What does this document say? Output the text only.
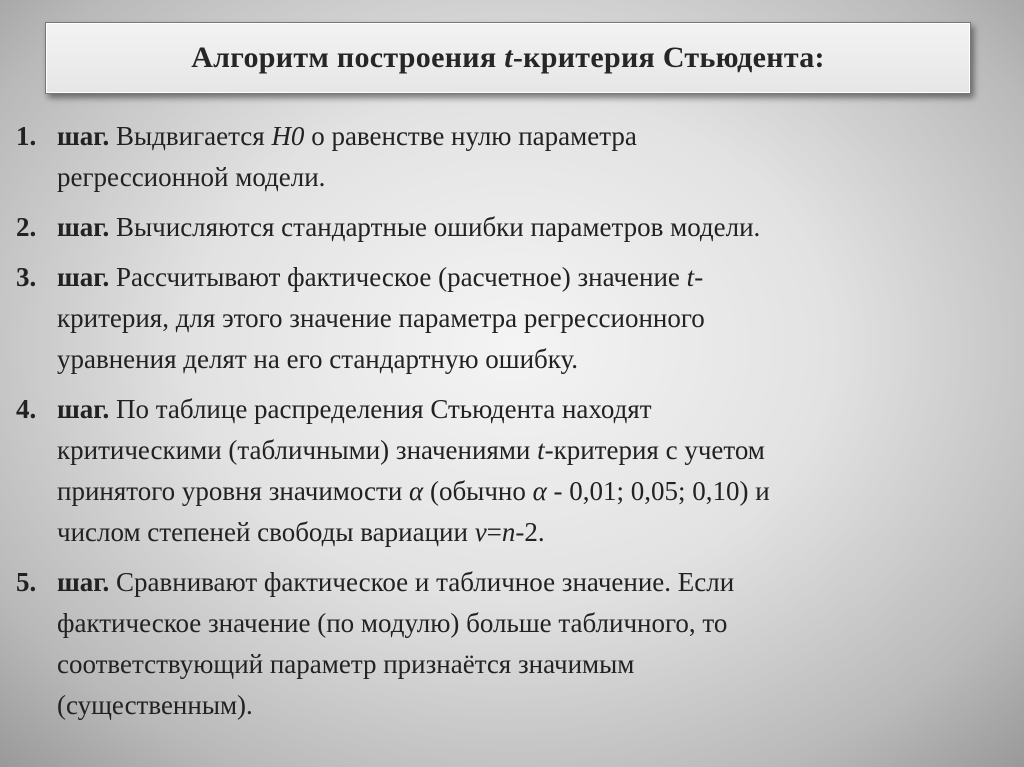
Алгоритм построения t-критерия Стьюдента:
1. шаг. Выдвигается Н0 о равенстве нулю параметра
регрессионной модели.
2. шаг. Вычисляются стандартные ошибки параметров модели.
3. шаг. Рассчитывают фактическое (расчетное) значение t-
критерия, для этого значение параметра регрессионного
уравнения делят на его стандартную ошибку.
4. шаг. По таблице распределения Стьюдента находят
критическими (табличными) значениями t-критерия с учетом
принятого уровня значимости α (обычно α - 0,01; 0,05; 0,10) и
числом степеней свободы вариации ν=n-2.
5. шаг. Сравнивают фактическое и табличное значение. Если
фактическое значение (по модулю) больше табличного, то
соответствующий параметр признаётся значимым
(существенным).
